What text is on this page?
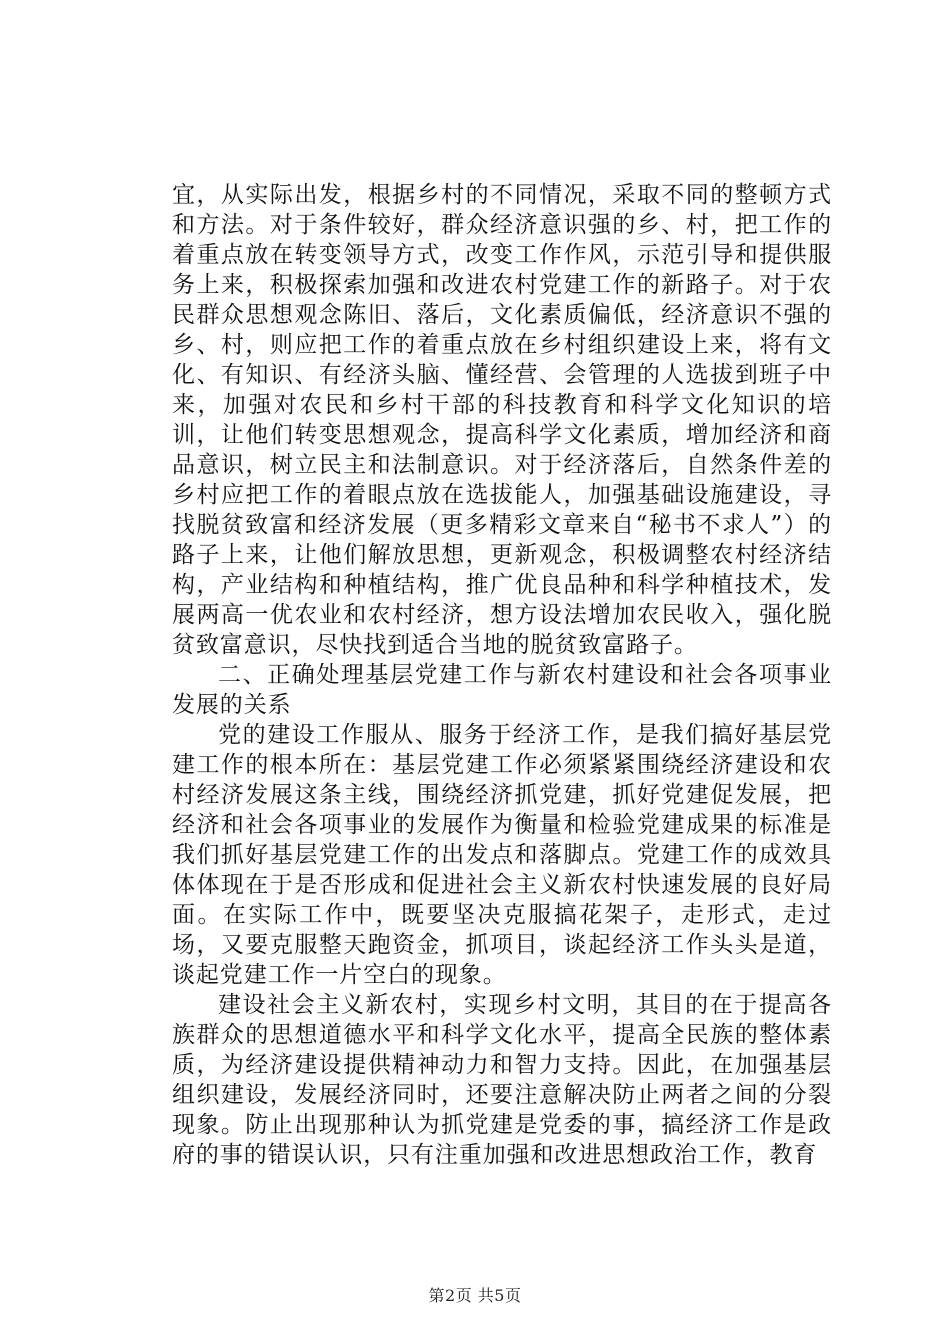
宜，从实际出发，根据乡村的不同情况，采取不同的整顿方式和方法。对于条件较好，群众经济意识强的乡、村，把工作的着重点放在转变领导方式，改变工作作风，示范引导和提供服务上来，积极探索加强和改进农村党建工作的新路子。对于农民群众思想观念陈旧、落后，文化素质偏低，经济意识不强的乡、村，则应把工作的着重点放在乡村组织建设上来，将有文化、有知识、有经济头脑、懂经营、会管理的人选拔到班子中来，加强对农民和乡村干部的科技教育和科学文化知识的培训，让他们转变思想观念，提高科学文化素质，增加经济和商品意识，树立民主和法制意识。对于经济落后，自然条件差的乡村应把工作的着眼点放在选拔能人，加强基础设施建设，寻找脱贫致富和经济发展（更多精彩文章来自“秘书不求人”）的路子上来，让他们解放思想，更新观念，积极调整农村经济结构，产业结构和种植结构，推广优良品种和科学种植技术，发展两高一优农业和农村经济，想方设法增加农民收入，强化脱贫致富意识，尽快找到适合当地的脱贫致富路子。

二、正确处理基层党建工作与新农村建设和社会各项事业发展的关系

党的建设工作服从、服务于经济工作，是我们搞好基层党建工作的根本所在：基层党建工作必须紧紧围绕经济建设和农村经济发展这条主线，围绕经济抓党建，抓好党建促发展，把经济和社会各项事业的发展作为衡量和检验党建成果的标准是我们抓好基层党建工作的出发点和落脚点。党建工作的成效具体体现在于是否形成和促进社会主义新农村快速发展的良好局面。在实际工作中，既要坚决克服搞花架子，走形式，走过场，又要克服整天跑资金，抓项目，谈起经济工作头头是道，谈起党建工作一片空白的现象。

建设社会主义新农村，实现乡村文明，其目的在于提高各族群众的思想道德水平和科学文化水平，提高全民族的整体素质，为经济建设提供精神动力和智力支持。因此，在加强基层组织建设，发展经济同时，还要注意解决防止两者之间的分裂现象。防止出现那种认为抓党建是党委的事，搞经济工作是政府的事的错误认识，只有注重加强和改进思想政治工作，教育

第2页 共5页
